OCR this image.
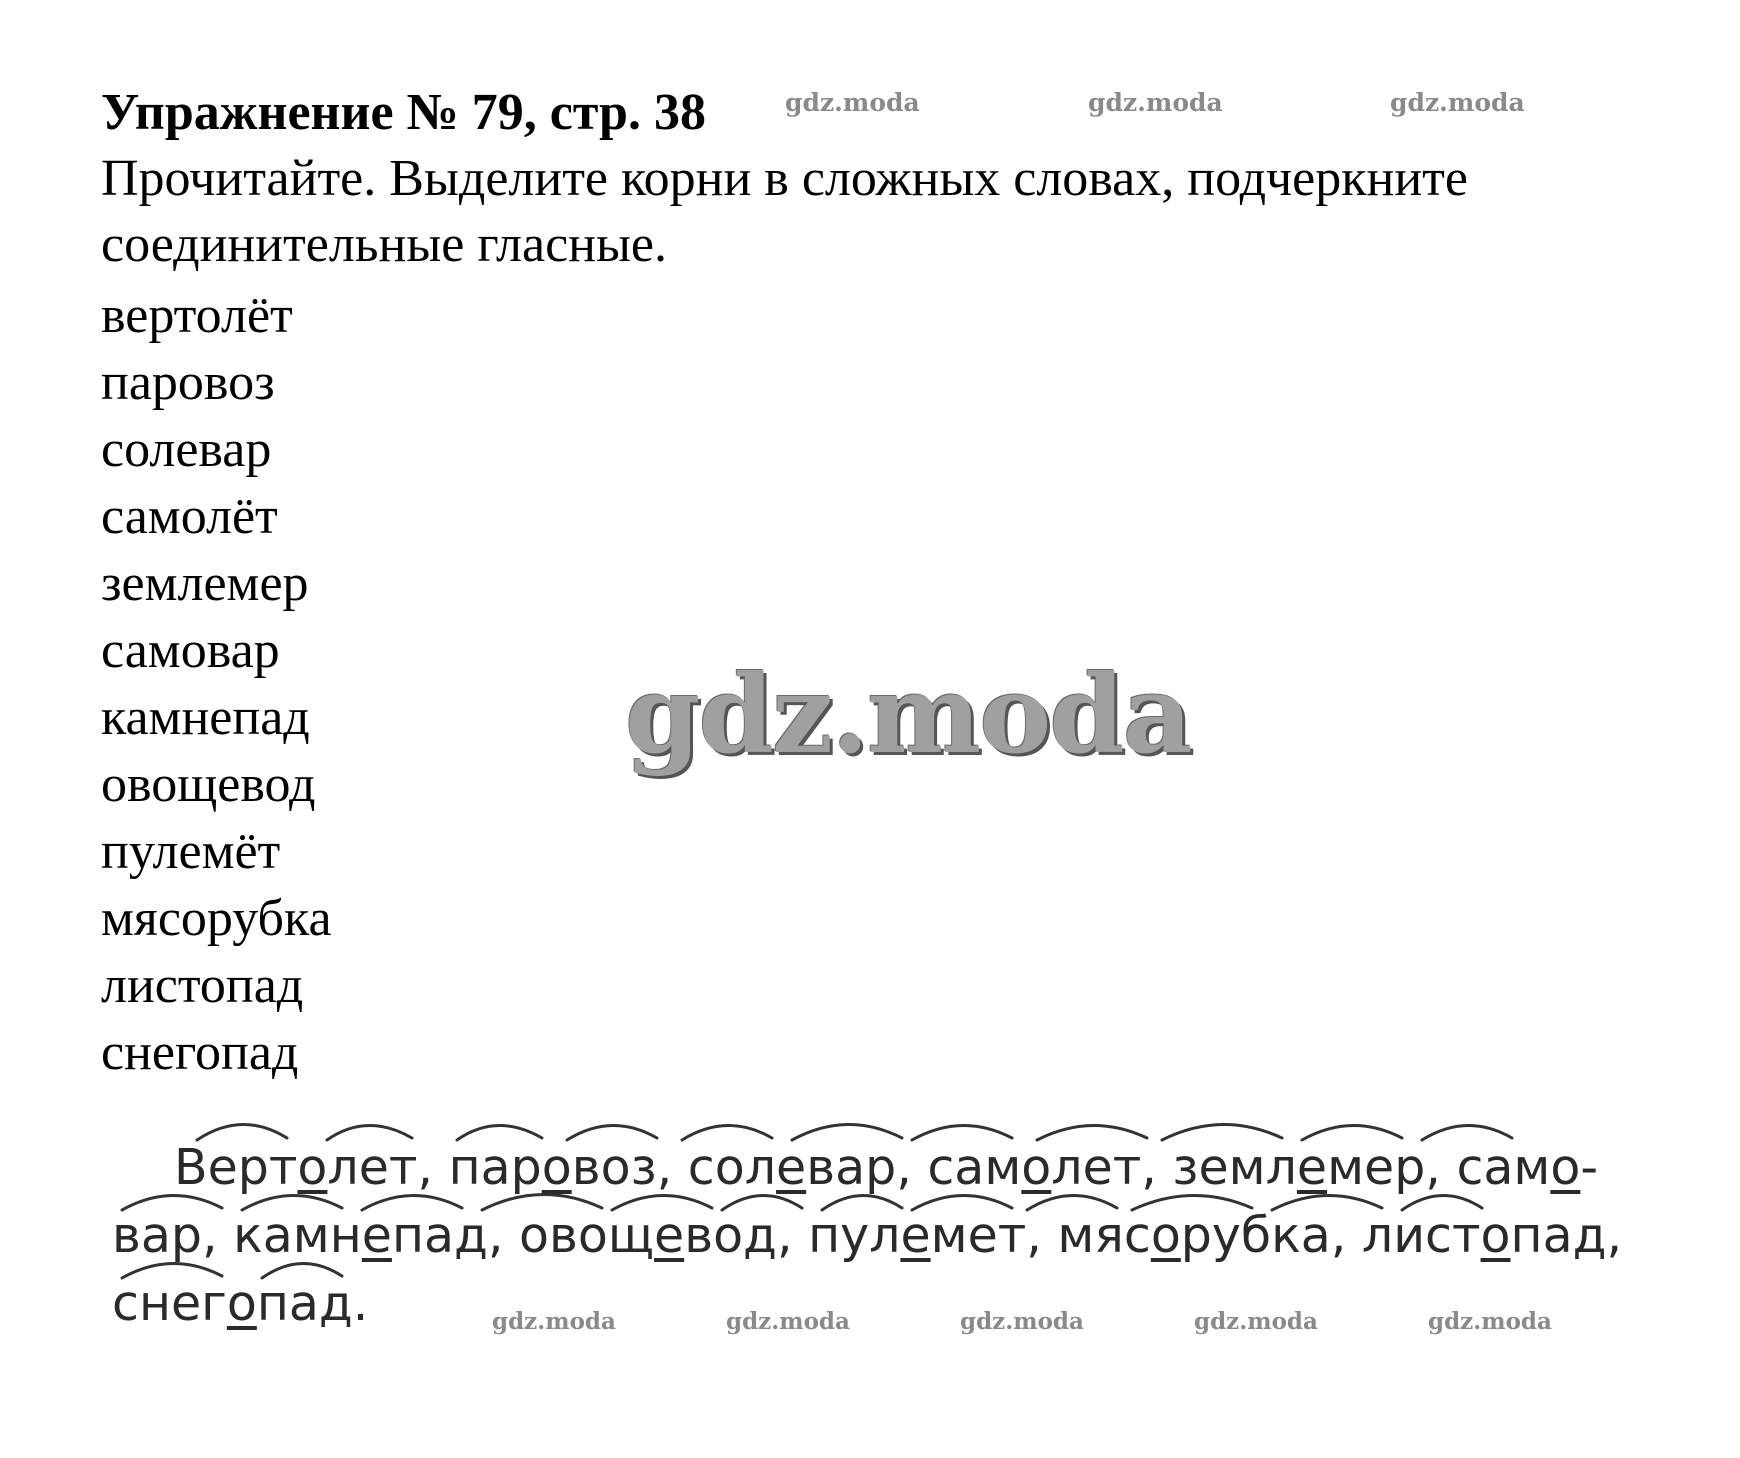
Упражнение № 79, стр. 38	gdz.moda	gdz.moda	gdz.moda

Прочитайте. Выделите корни в сложных словах, подчеркните соединительные гласные.

вертолёт
паровоз
солевар
самолёт
землемер
самовар
камнепад
овощевод
пулемёт
мясорубка
листопад
снегопад
gdz.moda
Вертолет, паровоз, солевар, самолет, землемер, само-
вар, камнепад, овощевод, пулемет, мясорубка, листопад,
снегопад.	gdz.moda	gdz.moda	gdz.moda	gdz.moda	gdz.moda
